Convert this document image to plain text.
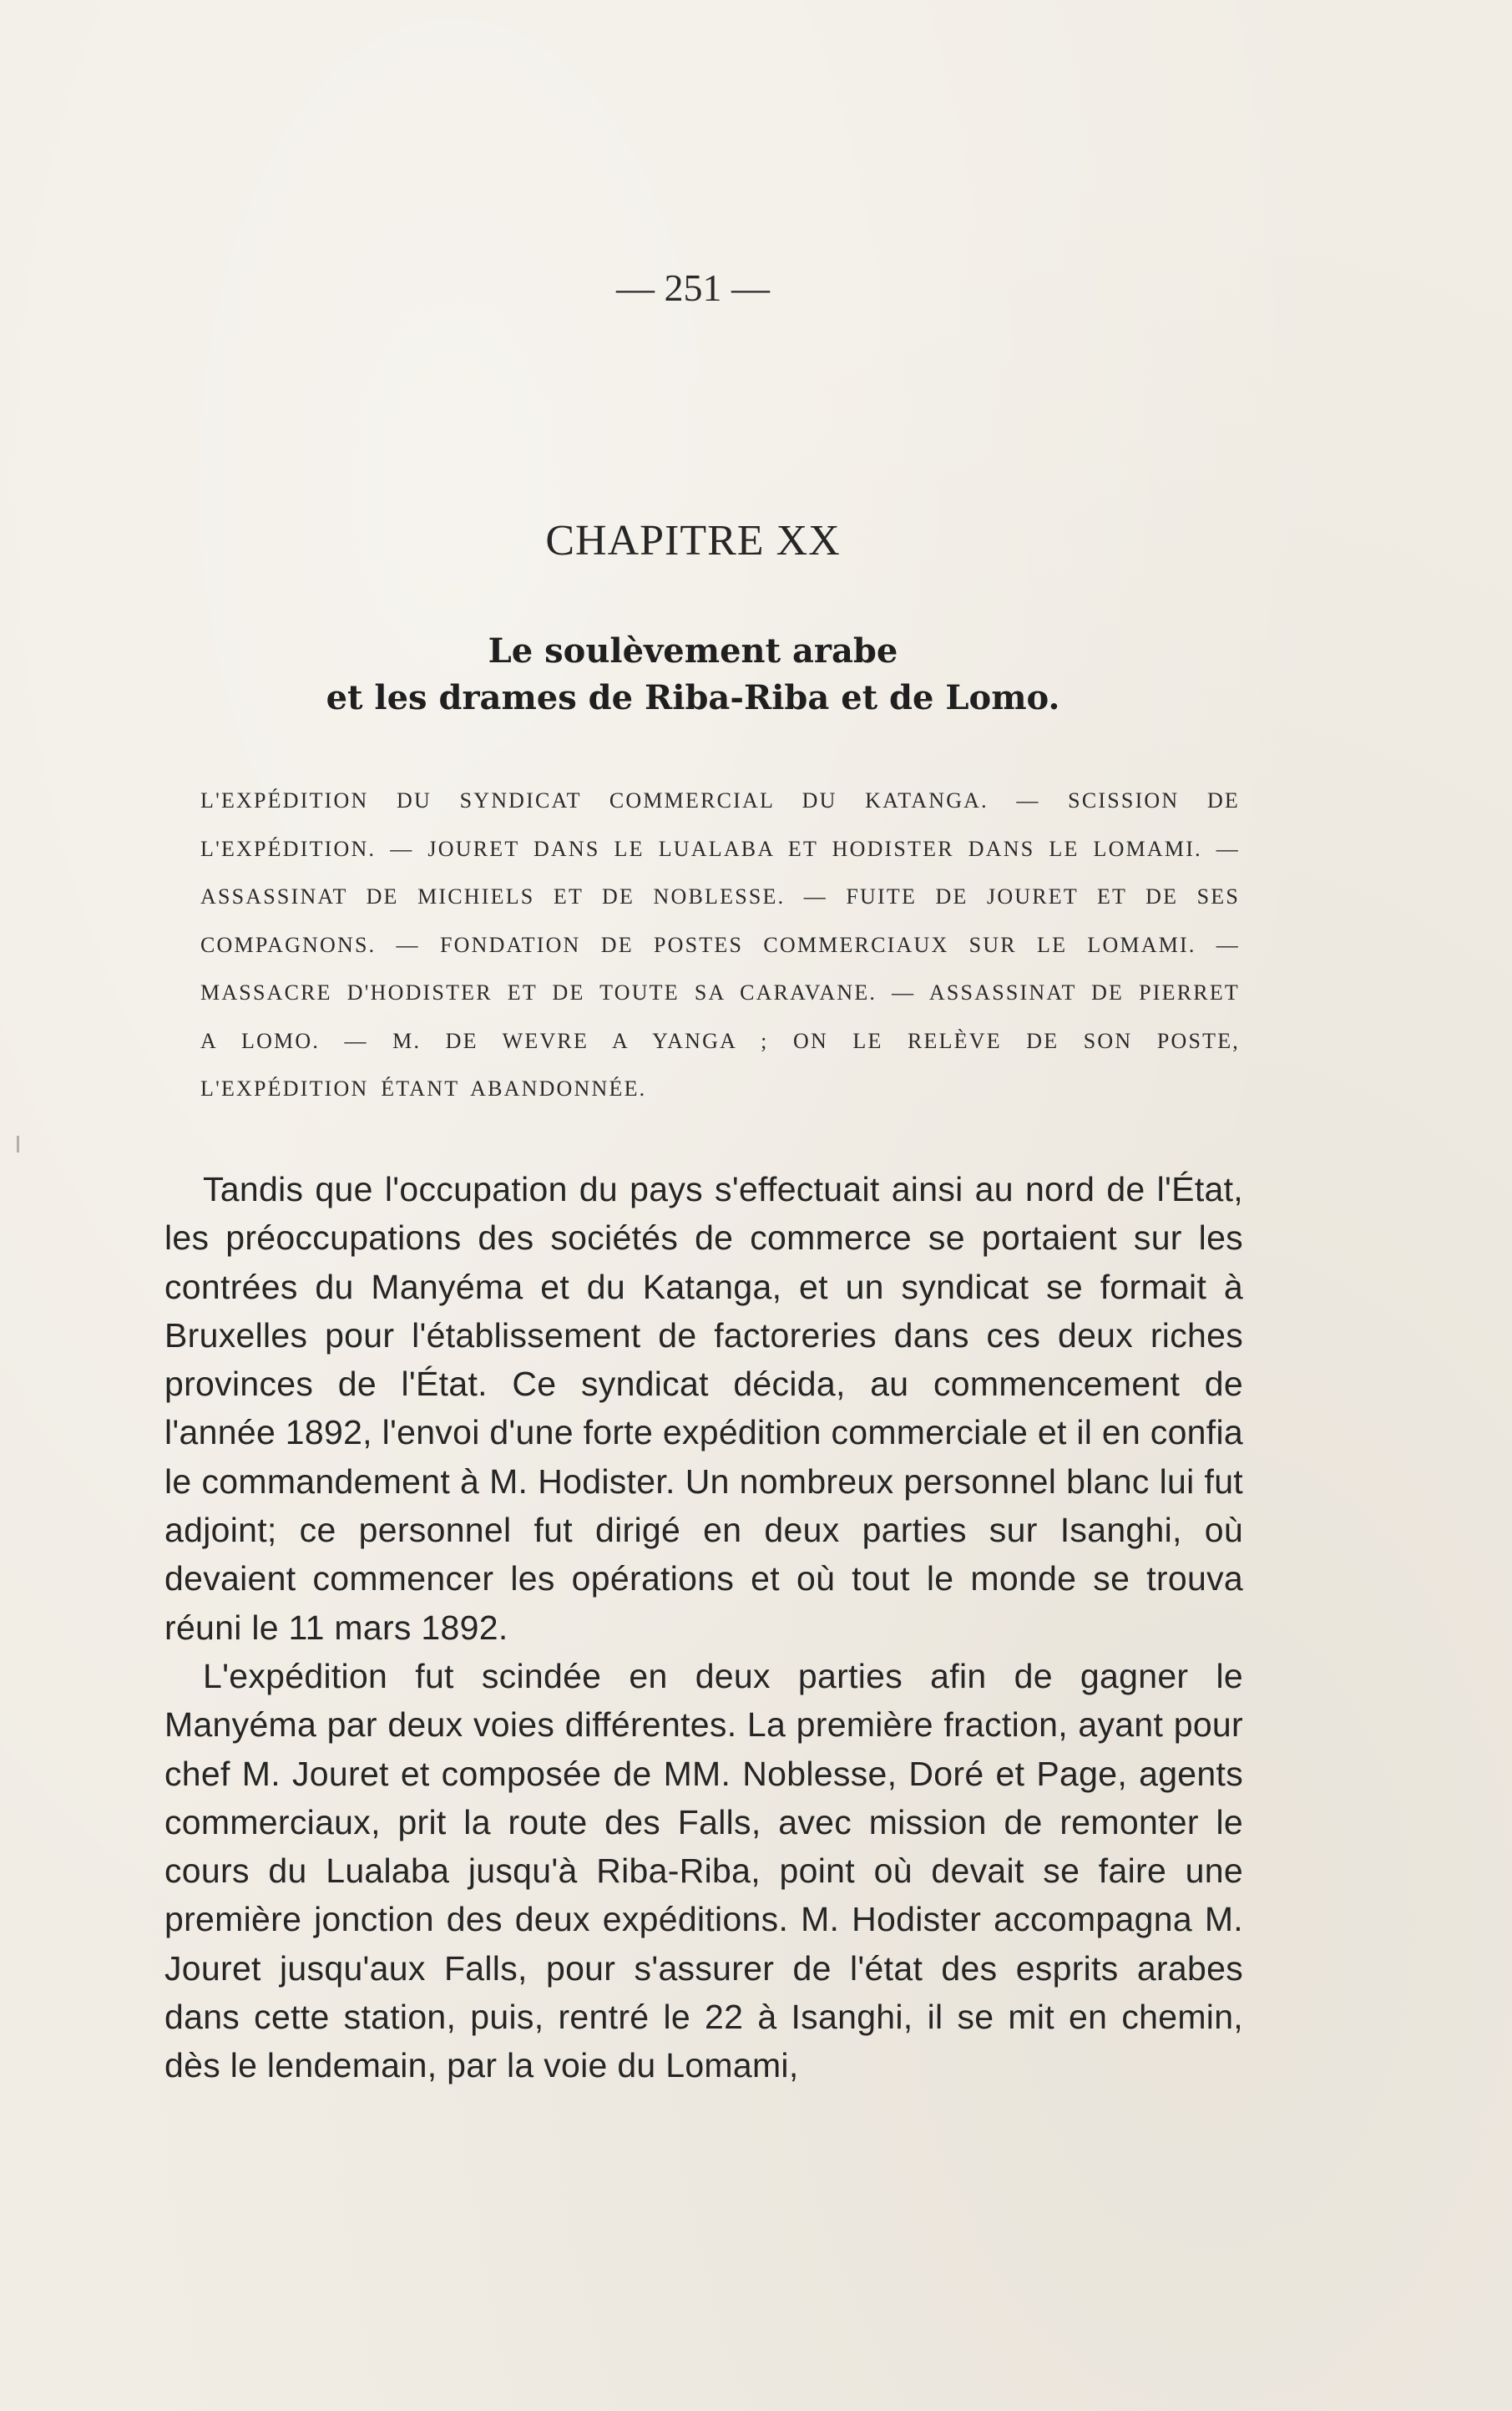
— 251 —
CHAPITRE XX
Le soulèvement arabe
et les drames de Riba-Riba et de Lomo.
L'EXPÉDITION DU SYNDICAT COMMERCIAL DU KATANGA. — SCISSION DE L'EXPÉDITION. — JOURET DANS LE LUALABA ET HODISTER DANS LE LOMAMI. — ASSASSINAT DE MICHIELS ET DE NOBLESSE. — FUITE DE JOURET ET DE SES COMPAGNONS. — FONDATION DE POSTES COMMERCIAUX SUR LE LOMAMI. — MASSACRE D'HODISTER ET DE TOUTE SA CARAVANE. — ASSASSINAT DE PIERRET A LOMO. — M. DE WEVRE A YANGA ; ON LE RELÈVE DE SON POSTE, L'EXPÉDITION ÉTANT ABANDONNÉE.

Tandis que l'occupation du pays s'effectuait ainsi au nord de l'État, les préoccupations des sociétés de commerce se portaient sur les contrées du Manyéma et du Katanga, et un syndicat se formait à Bruxelles pour l'établissement de factoreries dans ces deux riches provinces de l'État. Ce syndicat décida, au commencement de l'année 1892, l'envoi d'une forte expédition commerciale et il en confia le commandement à M. Hodister. Un nombreux personnel blanc lui fut adjoint; ce personnel fut dirigé en deux parties sur Isanghi, où devaient commencer les opérations et où tout le monde se trouva réuni le 11 mars 1892.

L'expédition fut scindée en deux parties afin de gagner le Manyéma par deux voies différentes. La première fraction, ayant pour chef M. Jouret et composée de MM. Noblesse, Doré et Page, agents commerciaux, prit la route des Falls, avec mission de remonter le cours du Lualaba jusqu'à Riba-Riba, point où devait se faire une première jonction des deux expéditions. M. Hodister accompagna M. Jouret jusqu'aux Falls, pour s'assurer de l'état des esprits arabes dans cette station, puis, rentré le 22 à Isanghi, il se mit en chemin, dès le lendemain, par la voie du Lomami,
